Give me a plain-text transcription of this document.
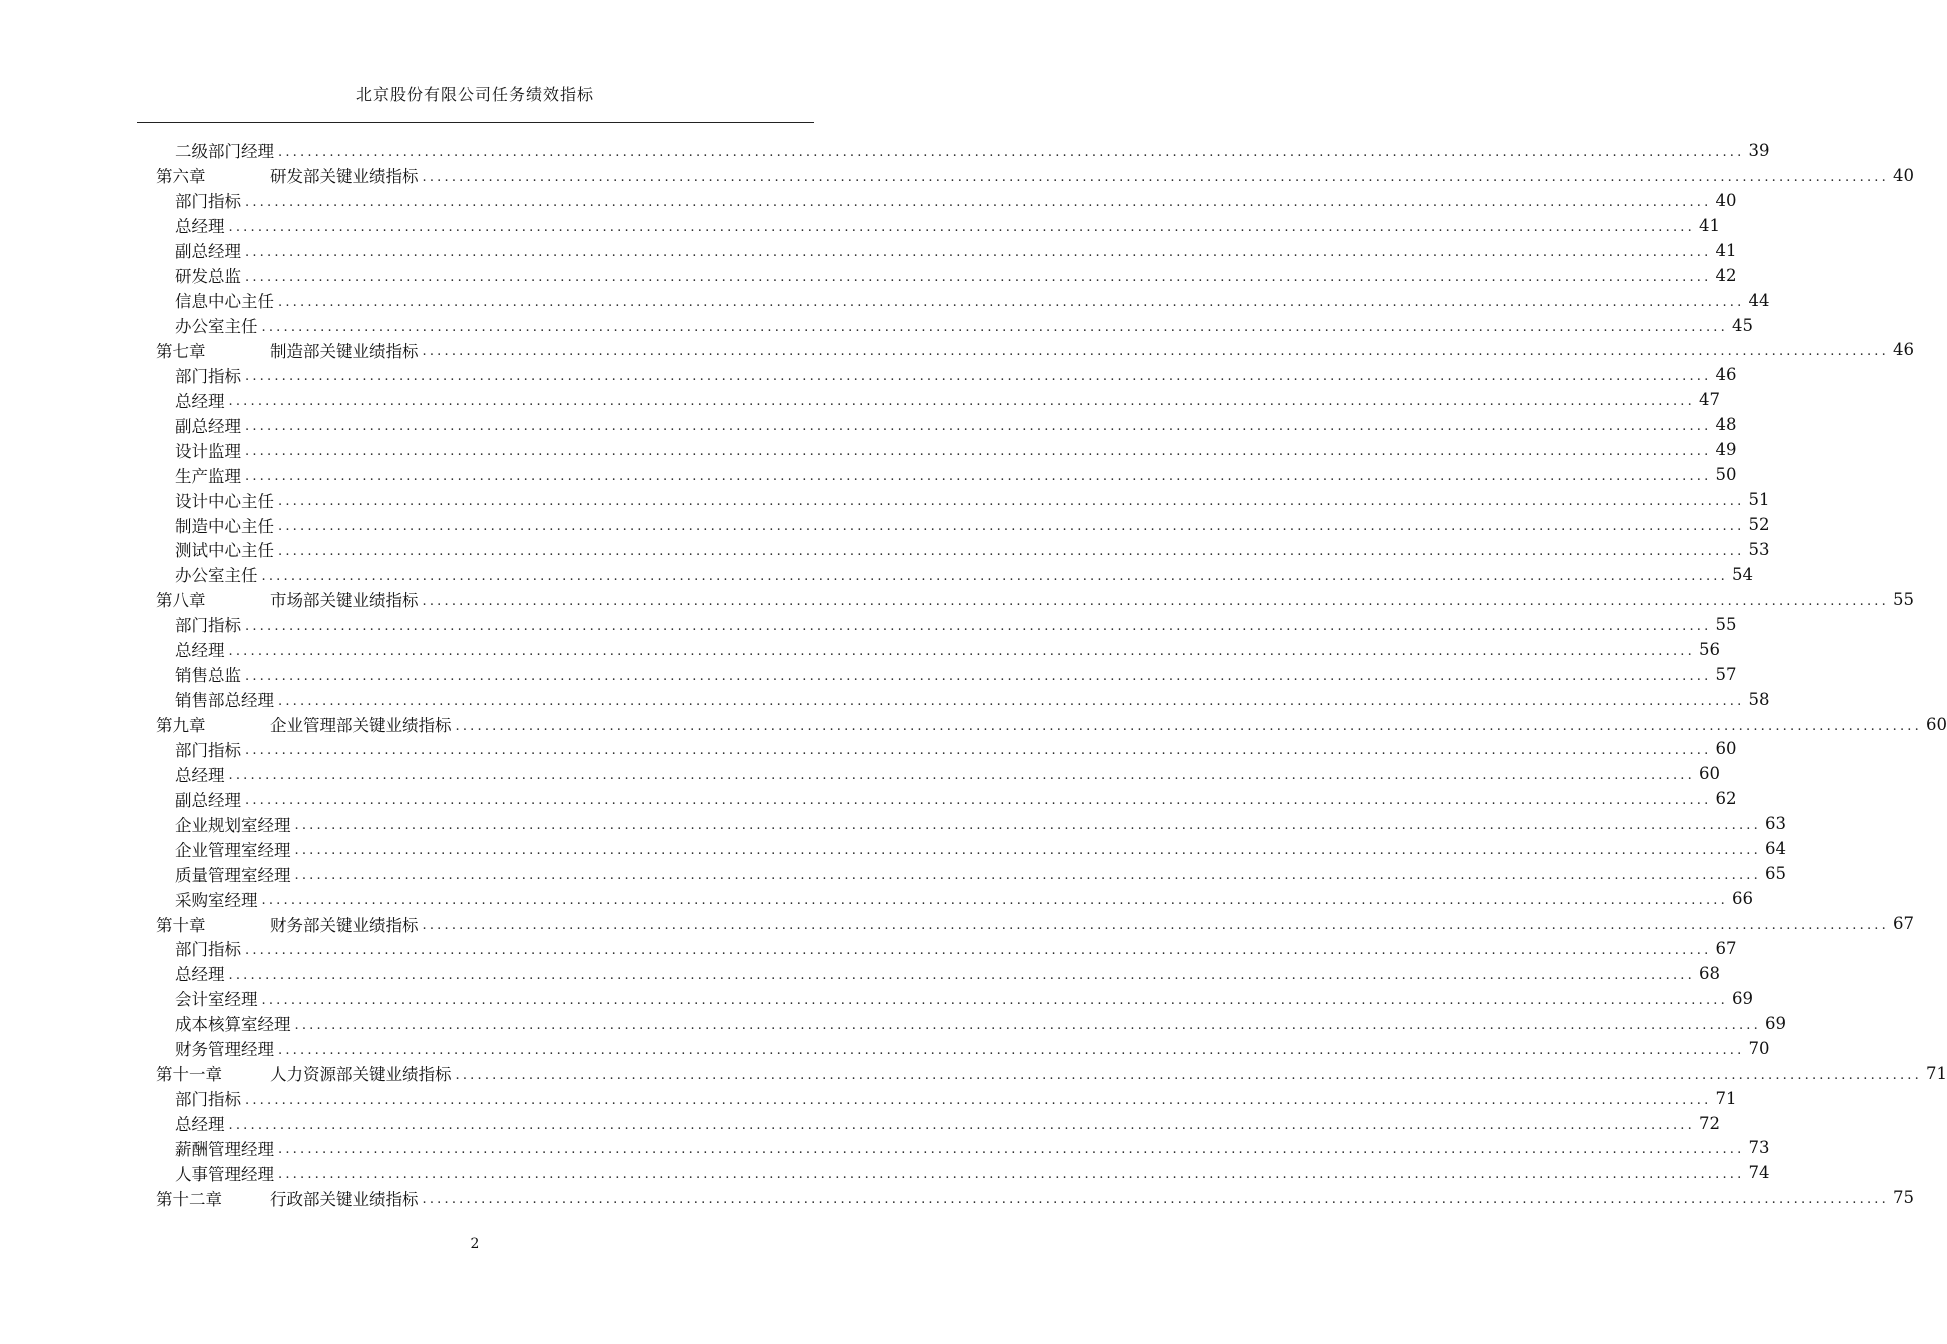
北京股份有限公司任务绩效指标
二级部门经理 ........................................................................................................................................................................................................ 39
第六章	研发部关键业绩指标 ........................................................................................................................................................................................................ 40
部门指标 ........................................................................................................................................................................................................ 40
总经理 ........................................................................................................................................................................................................ 41
副总经理 ........................................................................................................................................................................................................ 41
研发总监 ........................................................................................................................................................................................................ 42
信息中心主任 ........................................................................................................................................................................................................ 44
办公室主任 ........................................................................................................................................................................................................ 45
第七章	制造部关键业绩指标 ........................................................................................................................................................................................................ 46
部门指标 ........................................................................................................................................................................................................ 46
总经理 ........................................................................................................................................................................................................ 47
副总经理 ........................................................................................................................................................................................................ 48
设计监理 ........................................................................................................................................................................................................ 49
生产监理 ........................................................................................................................................................................................................ 50
设计中心主任 ........................................................................................................................................................................................................ 51
制造中心主任 ........................................................................................................................................................................................................ 52
测试中心主任 ........................................................................................................................................................................................................ 53
办公室主任 ........................................................................................................................................................................................................ 54
第八章	市场部关键业绩指标 ........................................................................................................................................................................................................ 55
部门指标 ........................................................................................................................................................................................................ 55
总经理 ........................................................................................................................................................................................................ 56
销售总监 ........................................................................................................................................................................................................ 57
销售部总经理 ........................................................................................................................................................................................................ 58
第九章	企业管理部关键业绩指标 ........................................................................................................................................................................................................ 60
部门指标 ........................................................................................................................................................................................................ 60
总经理 ........................................................................................................................................................................................................ 60
副总经理 ........................................................................................................................................................................................................ 62
企业规划室经理 ........................................................................................................................................................................................................ 63
企业管理室经理 ........................................................................................................................................................................................................ 64
质量管理室经理 ........................................................................................................................................................................................................ 65
采购室经理 ........................................................................................................................................................................................................ 66
第十章	财务部关键业绩指标 ........................................................................................................................................................................................................ 67
部门指标 ........................................................................................................................................................................................................ 67
总经理 ........................................................................................................................................................................................................ 68
会计室经理 ........................................................................................................................................................................................................ 69
成本核算室经理 ........................................................................................................................................................................................................ 69
财务管理经理 ........................................................................................................................................................................................................ 70
第十一章	人力资源部关键业绩指标 ........................................................................................................................................................................................................ 71
部门指标 ........................................................................................................................................................................................................ 71
总经理 ........................................................................................................................................................................................................ 72
薪酬管理经理 ........................................................................................................................................................................................................ 73
人事管理经理 ........................................................................................................................................................................................................ 74
第十二章	行政部关键业绩指标 ........................................................................................................................................................................................................ 75
2
